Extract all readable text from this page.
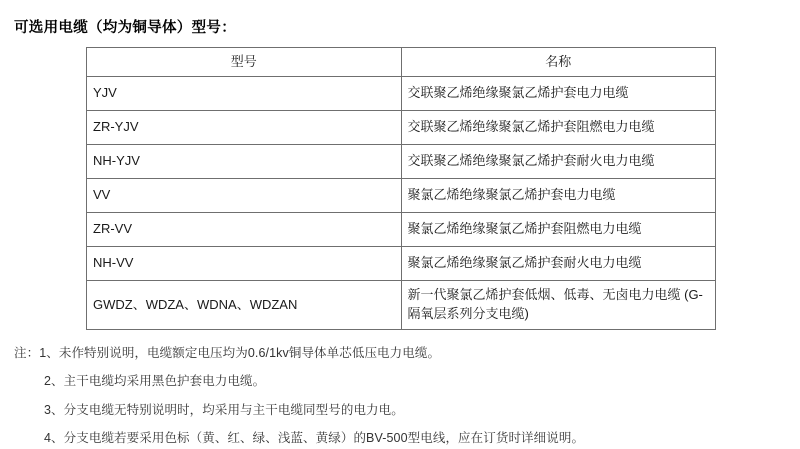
可选用电缆（均为铜导体）型号：
型号	名称
YJV	交联聚乙烯绝缘聚氯乙烯护套电力电缆
ZR-YJV	交联聚乙烯绝缘聚氯乙烯护套阻燃电力电缆
NH-YJV	交联聚乙烯绝缘聚氯乙烯护套耐火电力电缆
VV	聚氯乙烯绝缘聚氯乙烯护套电力电缆
ZR-VV	聚氯乙烯绝缘聚氯乙烯护套阻燃电力电缆
NH-VV	聚氯乙烯绝缘聚氯乙烯护套耐火电力电缆
GWDZ、WDZA、WDNA、WDZAN	新一代聚氯乙烯护套低烟、低毒、无卤电力电缆 (G-隔氧层系列分支电缆)
注：1、未作特别说明，电缆额定电压均为0.6/1kv铜导体单芯低压电力电缆。
2、主干电缆均采用黑色护套电力电缆。
3、分支电缆无特别说明时，均采用与主干电缆同型号的电力电。
4、分支电缆若要采用色标（黄、红、绿、浅蓝、黄绿）的BV-500型电线，应在订货时详细说明。
